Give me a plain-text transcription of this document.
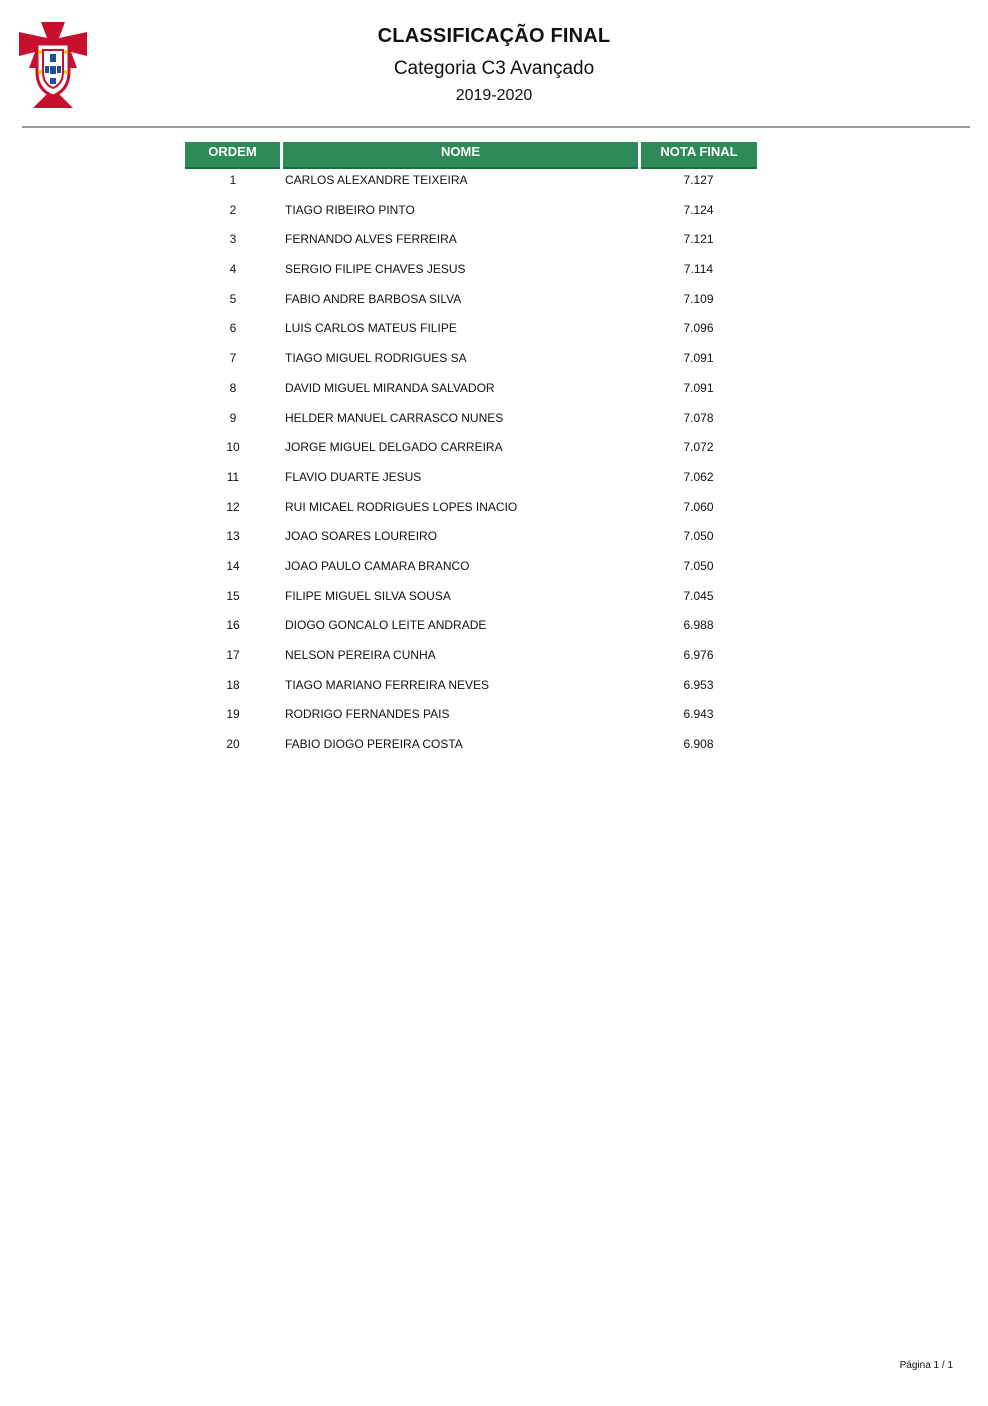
CLASSIFICAÇÃO FINAL
Categoria C3 Avançado
2019-2020
ORDEM	NOME	NOTA FINAL
1	CARLOS ALEXANDRE TEIXEIRA	7.127
2	TIAGO RIBEIRO PINTO	7.124
3	FERNANDO ALVES FERREIRA	7.121
4	SERGIO FILIPE CHAVES JESUS	7.114
5	FABIO ANDRE BARBOSA SILVA	7.109
6	LUIS CARLOS MATEUS FILIPE	7.096
7	TIAGO MIGUEL RODRIGUES SA	7.091
8	DAVID MIGUEL MIRANDA SALVADOR	7.091
9	HELDER MANUEL CARRASCO NUNES	7.078
10	JORGE MIGUEL DELGADO CARREIRA	7.072
11	FLAVIO DUARTE JESUS	7.062
12	RUI MICAEL RODRIGUES LOPES INACIO	7.060
13	JOAO SOARES LOUREIRO	7.050
14	JOAO PAULO CAMARA BRANCO	7.050
15	FILIPE MIGUEL SILVA SOUSA	7.045
16	DIOGO GONCALO LEITE ANDRADE	6.988
17	NELSON PEREIRA CUNHA	6.976
18	TIAGO MARIANO FERREIRA NEVES	6.953
19	RODRIGO FERNANDES PAIS	6.943
20	FABIO DIOGO PEREIRA COSTA	6.908
Página 1 / 1
